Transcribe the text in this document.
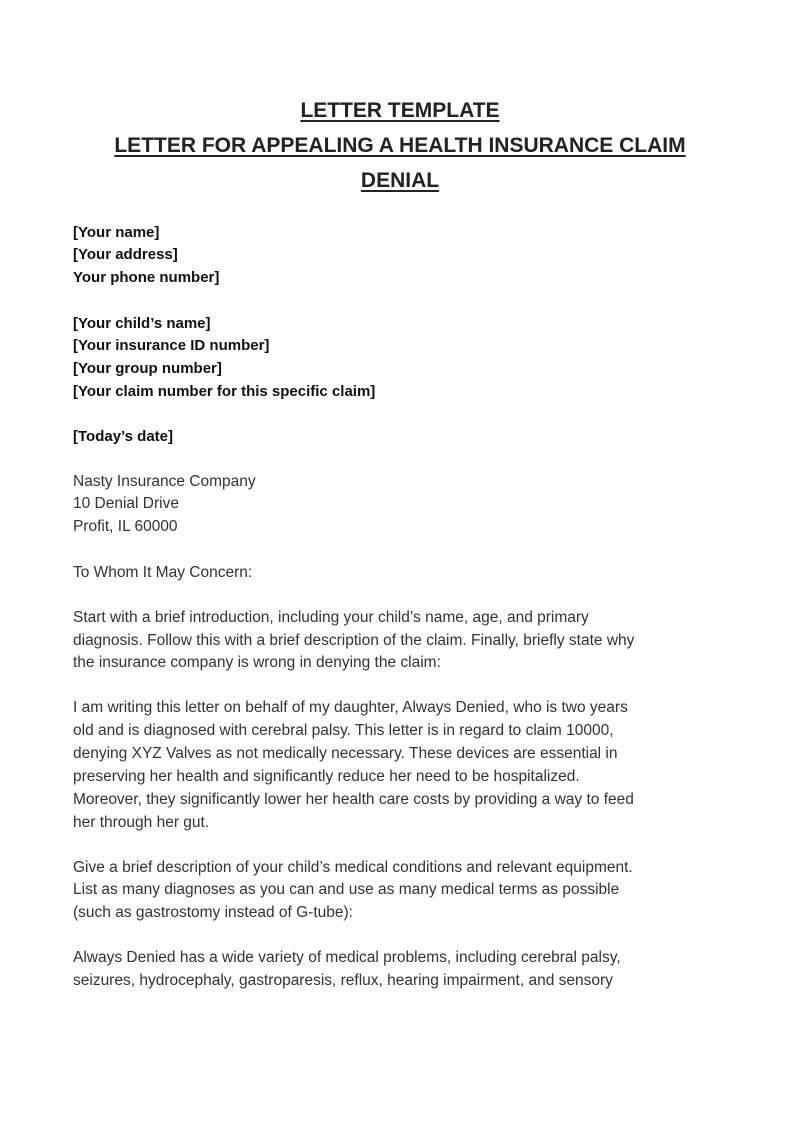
LETTER TEMPLATE
LETTER FOR APPEALING A HEALTH INSURANCE CLAIM
DENIAL
[Your name]
[Your address]
Your phone number]
[Your child’s name]
[Your insurance ID number]
[Your group number]
[Your claim number for this specific claim]
[Today’s date]
Nasty Insurance Company
10 Denial Drive
Profit, IL 60000
To Whom It May Concern:
Start with a brief introduction, including your child’s name, age, and primary
diagnosis. Follow this with a brief description of the claim. Finally, briefly state why
the insurance company is wrong in denying the claim:
I am writing this letter on behalf of my daughter, Always Denied, who is two years
old and is diagnosed with cerebral palsy. This letter is in regard to claim 10000,
denying XYZ Valves as not medically necessary. These devices are essential in
preserving her health and significantly reduce her need to be hospitalized.
Moreover, they significantly lower her health care costs by providing a way to feed
her through her gut.
Give a brief description of your child’s medical conditions and relevant equipment.
List as many diagnoses as you can and use as many medical terms as possible
(such as gastrostomy instead of G-tube):
Always Denied has a wide variety of medical problems, including cerebral palsy,
seizures, hydrocephaly, gastroparesis, reflux, hearing impairment, and sensory
